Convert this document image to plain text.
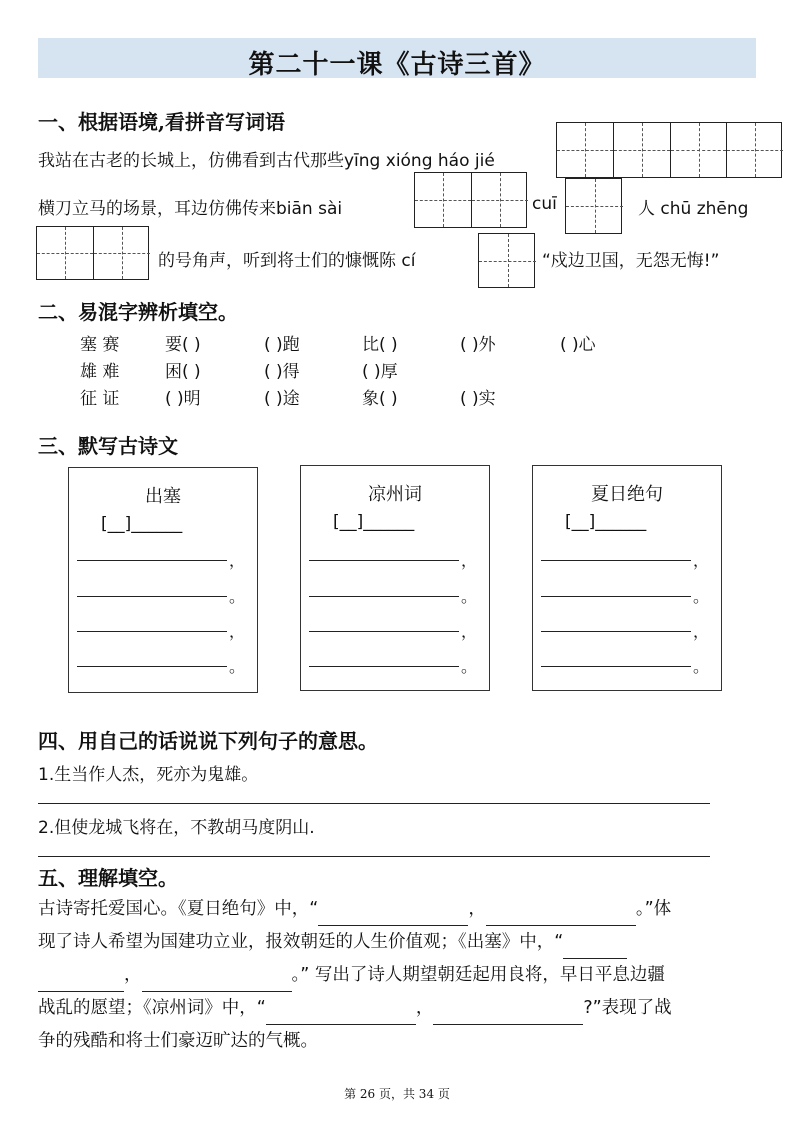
第二十一课《古诗三首》
一、根据语境,看拼音写词语
我站在古老的长城上，仿佛看到古代那些yīng xióng háo jié
横刀立马的场景，耳边仿佛传来biān sài	cuī	人 chū zhēng
的号角声，听到将士们的慷慨陈 cí	“戍边卫国，无怨无悔!”
二、易混字辨析填空。
塞 赛	要( )	( )跑	比( )	( )外	( )心
雄 难	困( )	( )得	( )厚
征 证	( )明	( )途	象( )	( )实
三、默写古诗文
出塞
[__]______
，
。
，
。
凉州词
[__]______
，
。
，
。
夏日绝句
[__]______
，
。
，
。
四、用自己的话说说下列句子的意思。
1.生当作人杰，死亦为鬼雄。
2.但使龙城飞将在，不教胡马度阴山.
五、理解填空。
古诗寄托爱国心。《夏日绝句》中，“	，	。”体
现了诗人希望为国建功立业，报效朝廷的人生价值观；《出塞》中，“
，	。” 写出了诗人期望朝廷起用良将，早日平息边疆
战乱的愿望；《凉州词》中，“	，	?”表现了战
争的残酷和将士们豪迈旷达的气概。
第 26 页，共 34 页
